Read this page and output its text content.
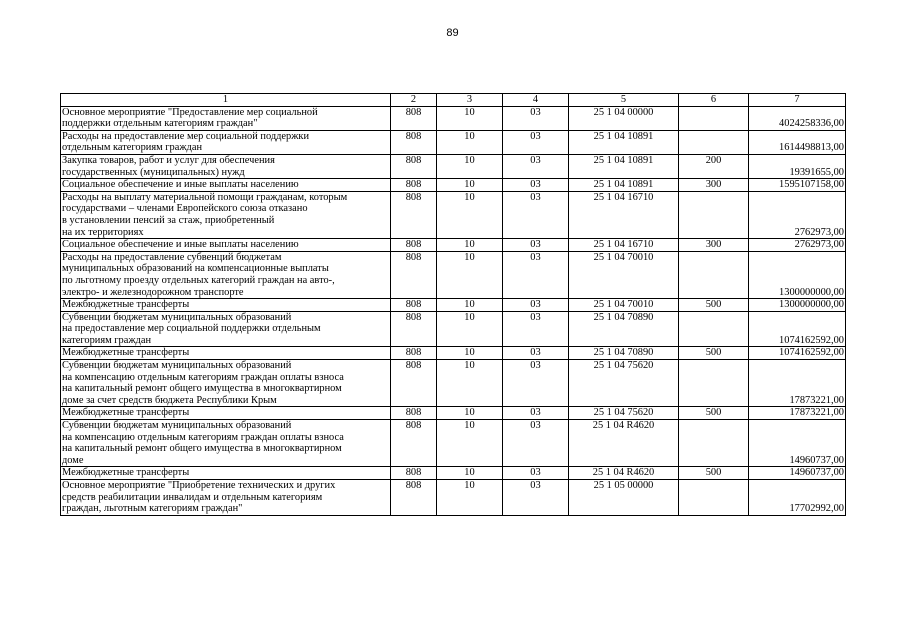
89
1	2	3	4	5	6	7

Основное мероприятие "Предоставление мер социальной
поддержки отдельным категориям граждан"	808	10	03	25 1 04 00000		4024258336,00

Расходы на предоставление мер социальной поддержки
отдельным категориям граждан	808	10	03	25 1 04 10891		1614498813,00

Закупка товаров, работ и услуг для обеспечения
государственных (муниципальных) нужд	808	10	03	25 1 04 10891	200	19391655,00

Социальное обеспечение и иные выплаты населению	808	10	03	25 1 04 10891	300	1595107158,00

Расходы на выплату материальной помощи гражданам, которым
государствами – членами Европейского союза отказано
в установлении пенсий за стаж, приобретенный
на их территориях	808	10	03	25 1 04 16710		2762973,00

Социальное обеспечение и иные выплаты населению	808	10	03	25 1 04 16710	300	2762973,00

Расходы на предоставление субвенций бюджетам
муниципальных образований на компенсационные выплаты
по льготному проезду отдельных категорий граждан на авто-,
электро- и железнодорожном транспорте	808	10	03	25 1 04 70010		1300000000,00

Межбюджетные трансферты	808	10	03	25 1 04 70010	500	1300000000,00

Субвенции бюджетам муниципальных образований
на предоставление мер социальной поддержки отдельным
категориям граждан	808	10	03	25 1 04 70890		1074162592,00

Межбюджетные трансферты	808	10	03	25 1 04 70890	500	1074162592,00

Субвенции бюджетам муниципальных образований
на компенсацию отдельным категориям граждан оплаты взноса
на капитальный ремонт общего имущества в многоквартирном
доме за счет средств бюджета Республики Крым	808	10	03	25 1 04 75620		17873221,00

Межбюджетные трансферты	808	10	03	25 1 04 75620	500	17873221,00

Субвенции бюджетам муниципальных образований
на компенсацию отдельным категориям граждан оплаты взноса
на капитальный ремонт общего имущества в многоквартирном
доме	808	10	03	25 1 04 R4620		14960737,00

Межбюджетные трансферты	808	10	03	25 1 04 R4620	500	14960737,00

Основное мероприятие "Приобретение технических и других
средств реабилитации инвалидам и отдельным категориям
граждан, льготным категориям граждан"	808	10	03	25 1 05 00000		17702992,00
